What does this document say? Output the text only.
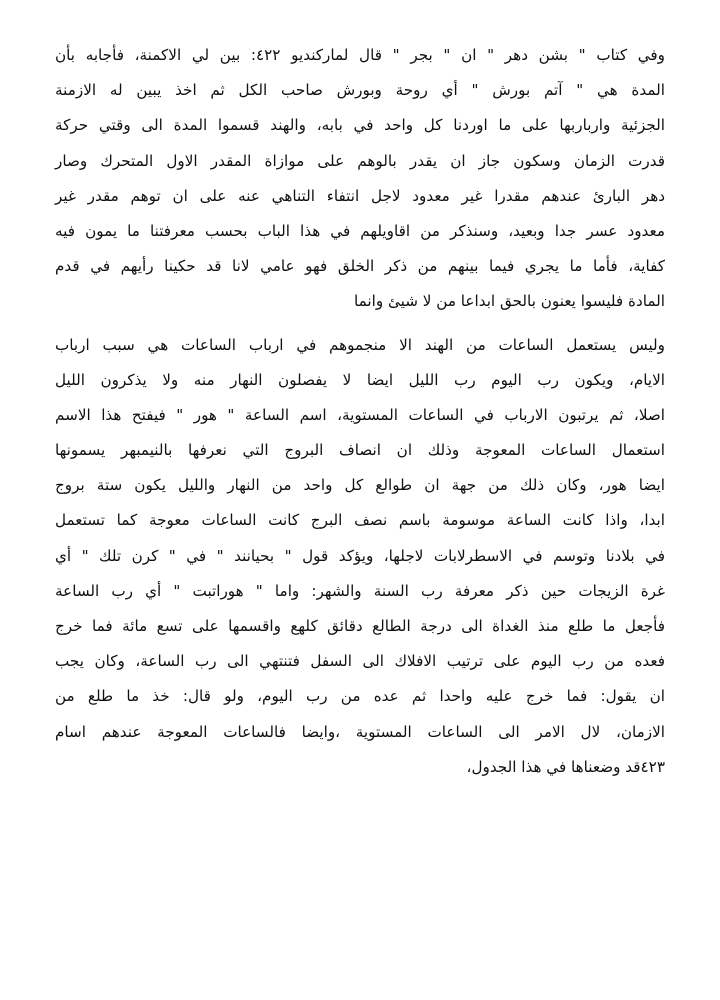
وفي كتاب " بشن دهر " ان " بجر " قال لماركنديو ٤٢٢: بين لي الاكمنة، فأجابه بأن
المدة هي " آتم بورش " أي روحة وبورش صاحب الكل ثم اخذ يبين له الازمنة
الجزئية وارباربها على ما اوردنا كل واحد في بابه، والهند قسموا المدة الى وقتي حركة
قدرت الزمان وسكون جاز ان يقدر بالوهم على موازاة المقدر الاول المتحرك وصار
دهر البارئ عندهم مقدرا غير معدود لاجل انتفاء التناهي عنه على ان توهم مقدر غير
معدود عسر جدا وبعيد، وسنذكر من اقاويلهم في هذا الباب بحسب معرفتنا ما يمون فيه
كفاية، فأما ما يجري فيما بينهم من ذكر الخلق فهو عامي لانا قد حكينا رأيهم في قدم
المادة فليسوا يعنون بالحق ابداعا من لا شيئ وانما
وليس يستعمل الساعات من الهند الا منجموهم في ارباب الساعات هي سبب ارباب
الايام، ويكون رب اليوم رب الليل ايضا لا يفصلون النهار منه ولا يذكرون الليل
اصلا، ثم يرتبون الارباب في الساعات المستوية، اسم الساعة " هور " فيفتح هذا الاسم
استعمال الساعات المعوجة وذلك ان انصاف البروج التي نعرفها بالنيمبهر يسمونها
ايضا هور، وكان ذلك من جهة ان طوالع كل واحد من النهار والليل يكون ستة بروج
ابدا، واذا كانت الساعة موسومة باسم نصف البرج كانت الساعات معوجة كما تستعمل
في بلادنا وتوسم في الاسطرلابات لاجلها، ويؤكد قول " بحيانند " في " كرن تلك " أي
غرة الزيجات حين ذكر معرفة رب السنة والشهر: واما " هوراتبت " أي رب الساعة
فأجعل ما طلع منذ الغداة الى درجة الطالع دقائق كلهع واقسمها على تسع مائة فما خرج
فعده من رب اليوم على ترتيب الافلاك الى السفل فتنتهي الى رب الساعة، وكان يجب
ان يقول: فما خرج عليه واحدا ثم عده من رب اليوم، ولو قال: خذ ما طلع من
الازمان، لال الامر الى الساعات المستوية ،وايضا فالساعات المعوجة عندهم اسام
٤٢٣قد وضعناها في هذا الجدول،
